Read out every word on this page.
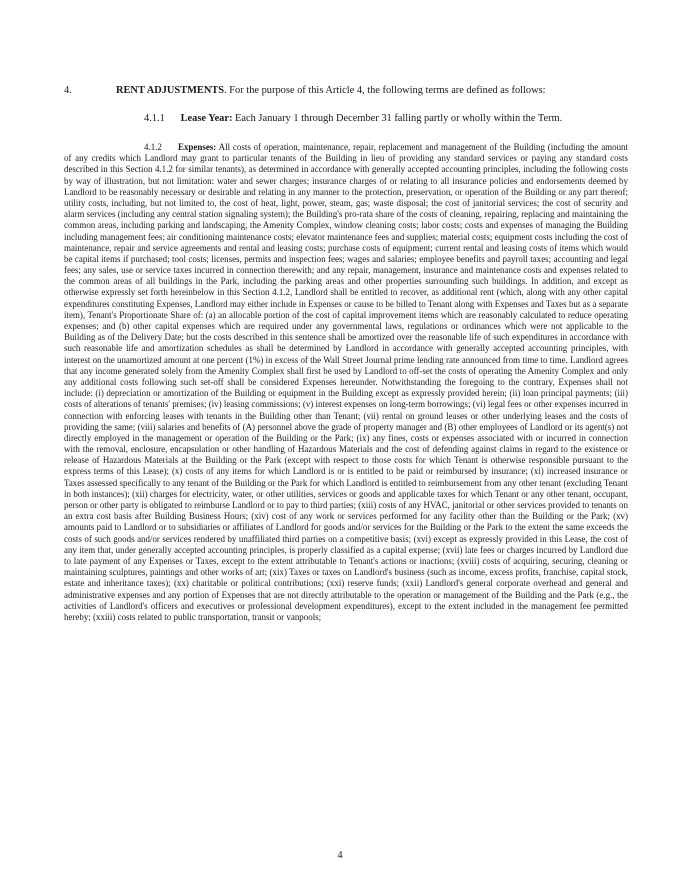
4.	RENT ADJUSTMENTS. For the purpose of this Article 4, the following terms are defined as follows:
4.1.1 Lease Year: Each January 1 through December 31 falling partly or wholly within the Term.
4.1.2 Expenses: All costs of operation, maintenance, repair, replacement and management of the Building (including the amount of any credits which Landlord may grant to particular tenants of the Building in lieu of providing any standard services or paying any standard costs described in this Section 4.1.2 for similar tenants), as determined in accordance with generally accepted accounting principles, including the following costs by way of illustration, but not limitation: water and sewer charges; insurance charges of or relating to all insurance policies and endorsements deemed by Landlord to be reasonably necessary or desirable and relating in any manner to the protection, preservation, or operation of the Building or any part thereof; utility costs, including, but not limited to, the cost of heat, light, power, steam, gas; waste disposal; the cost of janitorial services; the cost of security and alarm services (including any central station signaling system); the Building's pro-rata share of the costs of cleaning, repairing, replacing and maintaining the common areas, including parking and landscaping, the Amenity Complex, window cleaning costs; labor costs; costs and expenses of managing the Building including management fees; air conditioning maintenance costs; elevator maintenance fees and supplies; material costs; equipment costs including the cost of maintenance, repair and service agreements and rental and leasing costs; purchase costs of equipment; current rental and leasing costs of items which would be capital items if purchased; tool costs; licenses, permits and inspection fees; wages and salaries; employee benefits and payroll taxes; accounting and legal fees; any sales, use or service taxes incurred in connection therewith; and any repair, management, insurance and maintenance costs and expenses related to the common areas of all buildings in the Park, including the parking areas and other properties surrounding such buildings. In addition, and except as otherwise expressly set forth hereinbelow in this Section 4.1.2, Landlord shall be entitled to recover, as additional rent (which, along with any other capital expenditures constituting Expenses, Landlord may either include in Expenses or cause to be billed to Tenant along with Expenses and Taxes but as a separate item), Tenant's Proportionate Share of: (a) an allocable portion of the cost of capital improvement items which are reasonably calculated to reduce operating expenses; and (b) other capital expenses which are required under any governmental laws, regulations or ordinances which were not applicable to the Building as of the Delivery Date; but the costs described in this sentence shall be amortized over the reasonable life of such expenditures in accordance with such reasonable life and amortization schedules as shall be determined by Landlord in accordance with generally accepted accounting principles, with interest on the unamortized amount at one percent (1%) in excess of the Wall Street Journal prime lending rate announced from time to time. Landlord agrees that any income generated solely from the Amenity Complex shall first be used by Landlord to off-set the costs of operating the Amenity Complex and only any additional costs following such set-off shall be considered Expenses hereunder. Notwithstanding the foregoing to the contrary, Expenses shall not include: (i) depreciation or amortization of the Building or equipment in the Building except as expressly provided herein; (ii) loan principal payments; (iii) costs of alterations of tenants' premises; (iv) leasing commissions; (v) interest expenses on long-term borrowings; (vi) legal fees or other expenses incurred in connection with enforcing leases with tenants in the Building other than Tenant; (vii) rental on ground leases or other underlying leases and the costs of providing the same; (viii) salaries and benefits of (A) personnel above the grade of property manager and (B) other employees of Landlord or its agent(s) not directly employed in the management or operation of the Building or the Park; (ix) any fines, costs or expenses associated with or incurred in connection with the removal, enclosure, encapsulation or other handling of Hazardous Materials and the cost of defending against claims in regard to the existence or release of Hazardous Materials at the Building or the Park (except with respect to those costs for which Tenant is otherwise responsible pursuant to the express terms of this Lease); (x) costs of any items for which Landlord is or is entitled to be paid or reimbursed by insurance; (xi) increased insurance or Taxes assessed specifically to any tenant of the Building or the Park for which Landlord is entitled to reimbursement from any other tenant (excluding Tenant in both instances); (xii) charges for electricity, water, or other utilities, services or goods and applicable taxes for which Tenant or any other tenant, occupant, person or other party is obligated to reimburse Landlord or to pay to third parties; (xiii) costs of any HVAC, janitorial or other services provided to tenants on an extra cost basis after Building Business Hours; (xiv) cost of any work or services performed for any facility other than the Building or the Park; (xv) amounts paid to Landlord or to subsidiaries or affiliates of Landlord for goods and/or services for the Building or the Park to the extent the same exceeds the costs of such goods and/or services rendered by unaffiliated third parties on a competitive basis; (xvi) except as expressly provided in this Lease, the cost of any item that, under generally accepted accounting principles, is properly classified as a capital expense; (xvii) late fees or charges incurred by Landlord due to late payment of any Expenses or Taxes, except to the extent attributable to Tenant's actions or inactions; (xviii) costs of acquiring, securing, cleaning or maintaining sculptures, paintings and other works of art; (xix) Taxes or taxes on Landlord's business (such as income, excess profits, franchise, capital stock, estate and inheritance taxes); (xx) charitable or political contributions; (xxi) reserve funds; (xxii) Landlord's general corporate overhead and general and administrative expenses and any portion of Expenses that are not directly attributable to the operation or management of the Building and the Park (e.g., the activities of Landlord's officers and executives or professional development expenditures), except to the extent included in the management fee permitted hereby; (xxiii) costs related to public transportation, transit or vanpools;
4
